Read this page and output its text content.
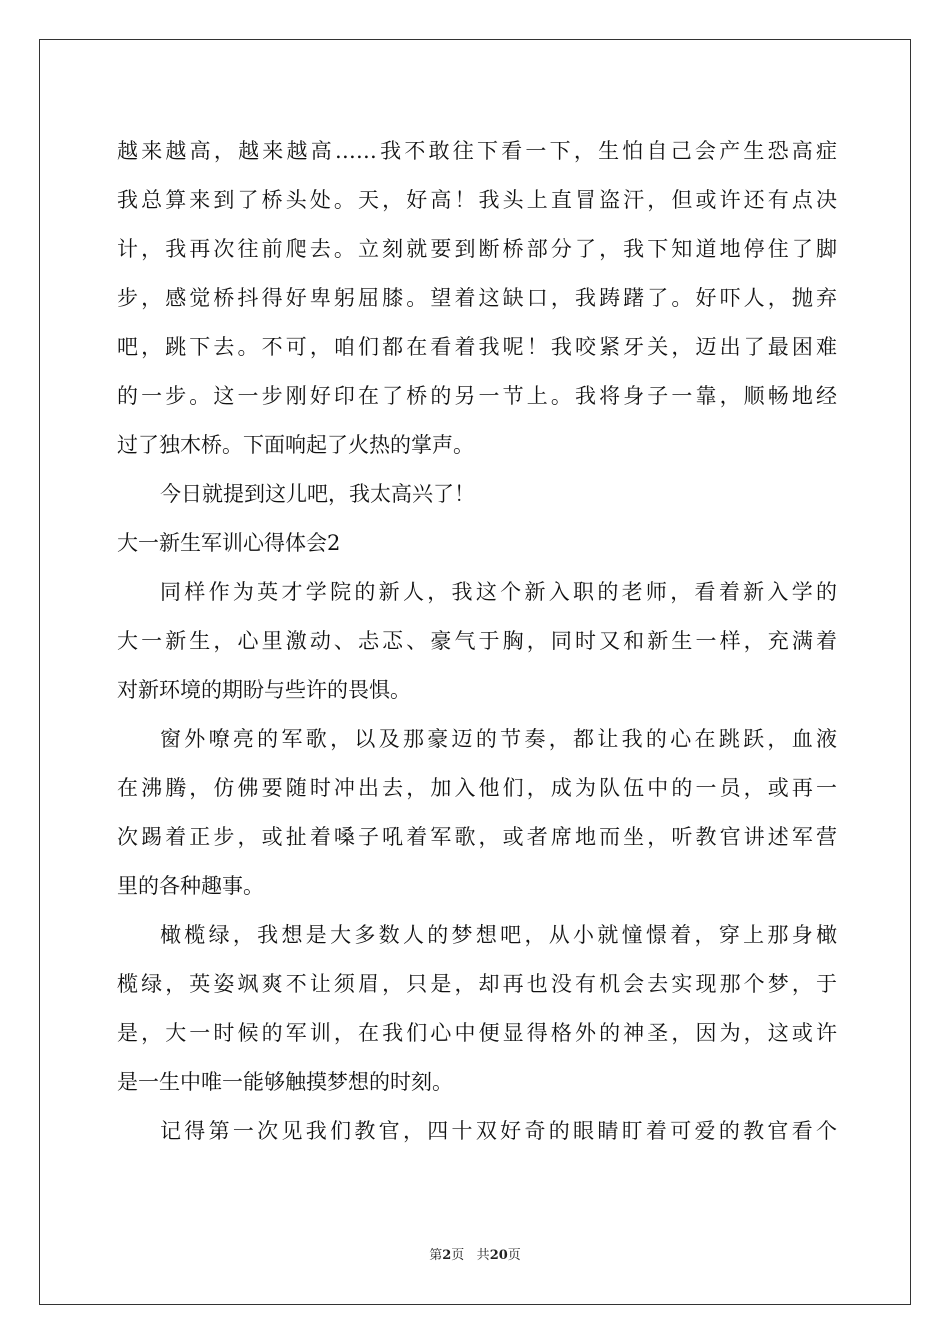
越来越高，越来越高……我不敢往下看一下，生怕自己会产生恐高症
我总算来到了桥头处。天，好高！我头上直冒盗汗，但或许还有点决
计，我再次往前爬去。立刻就要到断桥部分了，我下知道地停住了脚
步，感觉桥抖得好卑躬屈膝。望着这缺口，我踌躇了。好吓人，抛弃
吧，跳下去。不可，咱们都在看着我呢！我咬紧牙关，迈出了最困难
的一步。这一步刚好印在了桥的另一节上。我将身子一靠，顺畅地经
过了独木桥。下面响起了火热的掌声。
今日就提到这儿吧，我太高兴了！
大一新生军训心得体会2
同样作为英才学院的新人，我这个新入职的老师，看着新入学的
大一新生，心里激动、忐忑、豪气于胸，同时又和新生一样，充满着
对新环境的期盼与些许的畏惧。
窗外嘹亮的军歌，以及那豪迈的节奏，都让我的心在跳跃，血液
在沸腾，仿佛要随时冲出去，加入他们，成为队伍中的一员，或再一
次踢着正步，或扯着嗓子吼着军歌，或者席地而坐，听教官讲述军营
里的各种趣事。
橄榄绿，我想是大多数人的梦想吧，从小就憧憬着，穿上那身橄
榄绿，英姿飒爽不让须眉，只是，却再也没有机会去实现那个梦，于
是，大一时候的军训，在我们心中便显得格外的神圣，因为，这或许
是一生中唯一能够触摸梦想的时刻。
记得第一次见我们教官，四十双好奇的眼睛盯着可爱的教官看个
第2页 共20页
